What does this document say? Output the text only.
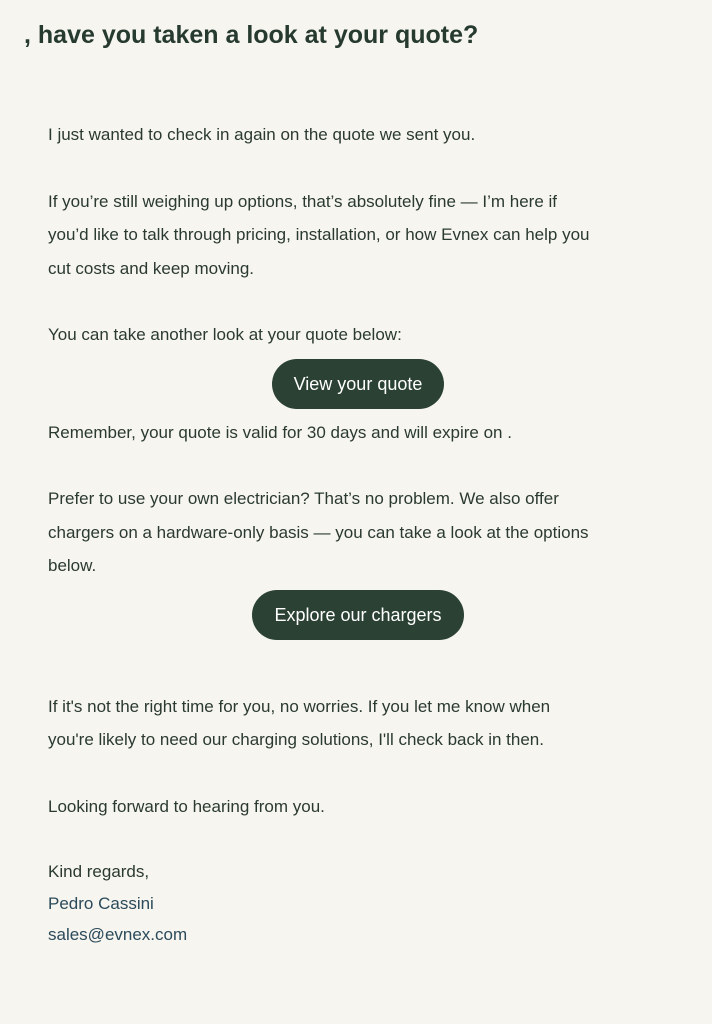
, have you taken a look at your quote?

I just wanted to check in again on the quote we sent you.

If you’re still weighing up options, that’s absolutely fine — I’m here if
you’d like to talk through pricing, installation, or how Evnex can help you
cut costs and keep moving.

You can take another look at your quote below:

View your quote

Remember, your quote is valid for 30 days and will expire on .

Prefer to use your own electrician? That’s no problem. We also offer
chargers on a hardware-only basis — you can take a look at the options
below.

Explore our chargers

If it's not the right time for you, no worries. If you let me know when
you're likely to need our charging solutions, I'll check back in then.

Looking forward to hearing from you.

Kind regards,
Pedro Cassini
sales@evnex.com
